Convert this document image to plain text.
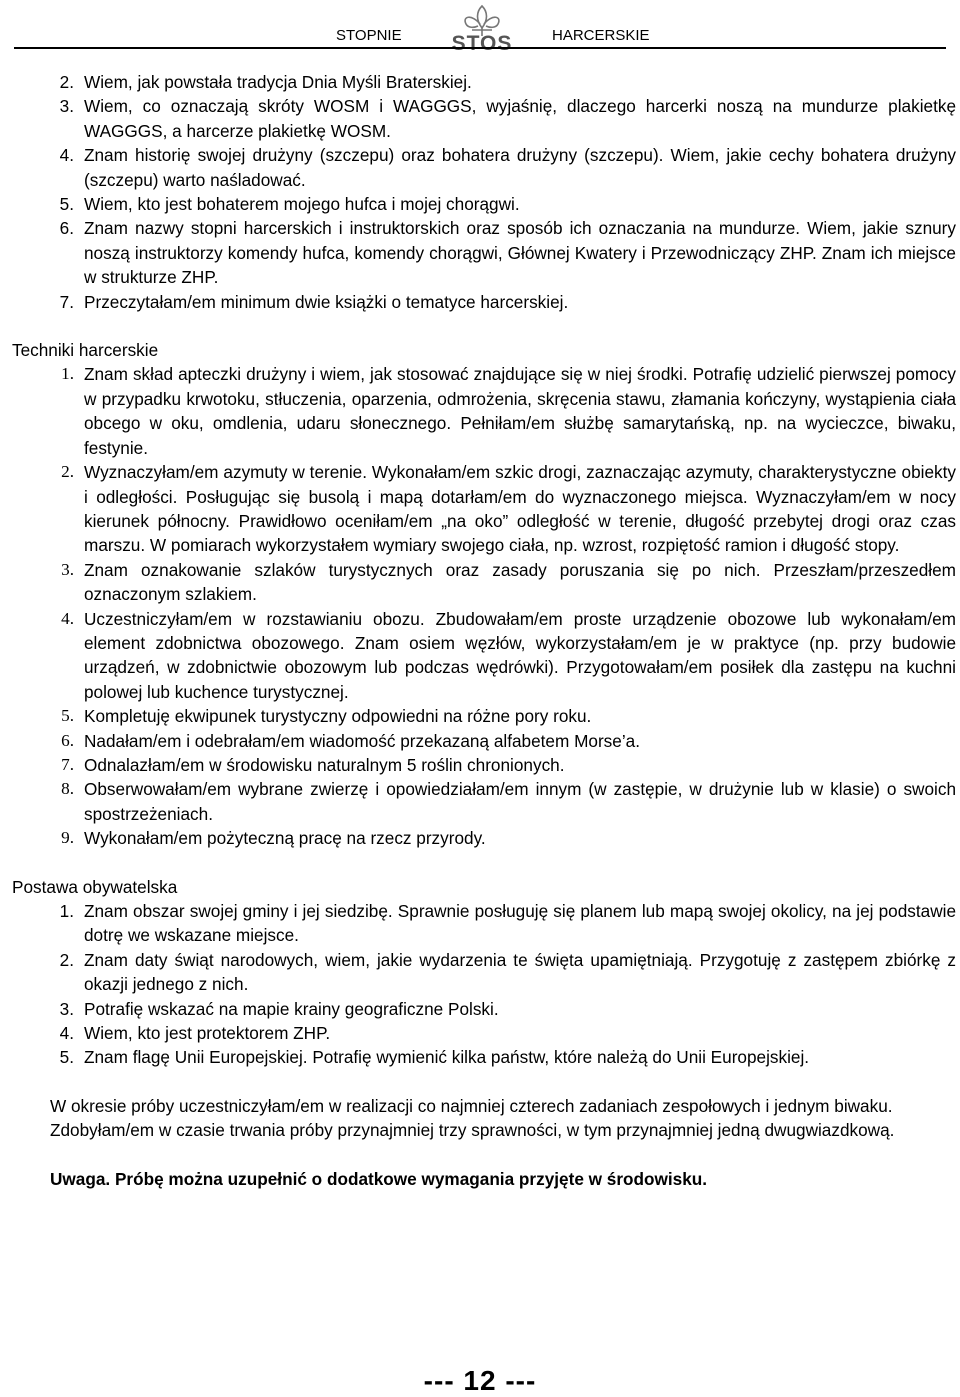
STOPNIE STOS	HARCERSKIE
2. Wiem, jak powstała tradycja Dnia Myśli Braterskiej.
3. Wiem, co oznaczają skróty WOSM i WAGGGS, wyjaśnię, dlaczego harcerki noszą na mundurze plakietkę WAGGGS, a harcerze plakietkę WOSM.
4. Znam historię swojej drużyny (szczepu) oraz bohatera drużyny (szczepu). Wiem, jakie cechy bohatera drużyny (szczepu) warto naśladować.
5. Wiem, kto jest bohaterem mojego hufca i mojej chorągwi.
6. Znam nazwy stopni harcerskich i instruktorskich oraz sposób ich oznaczania na mundurze. Wiem, jakie sznury noszą instruktorzy komendy hufca, komendy chorągwi, Głównej Kwatery i Przewodniczący ZHP. Znam ich miejsce w strukturze ZHP.
7. Przeczytałam/em minimum dwie książki o tematyce harcerskiej.
Techniki harcerskie
1. Znam skład apteczki drużyny i wiem, jak stosować znajdujące się w niej środki. Potrafię udzielić pierwszej pomocy w przypadku krwotoku, stłuczenia, oparzenia, odmrożenia, skręcenia stawu, złamania kończyny, wystąpienia ciała obcego w oku, omdlenia, udaru słonecznego. Pełniłam/em służbę samarytańską, np. na wycieczce, biwaku, festynie.
2. Wyznaczyłam/em azymuty w terenie. Wykonałam/em szkic drogi, zaznaczając azymuty, charakterystyczne obiekty i odległości. Posługując się busolą i mapą dotarłam/em do wyznaczonego miejsca. Wyznaczyłam/em w nocy kierunek północny. Prawidłowo oceniłam/em „na oko” odległość w terenie, długość przebytej drogi oraz czas marszu. W pomiarach wykorzystałem wymiary swojego ciała, np. wzrost, rozpiętość ramion i długość stopy.
3. Znam oznakowanie szlaków turystycznych oraz zasady poruszania się po nich. Przeszłam/przeszedłem oznaczonym szlakiem.
4. Uczestniczyłam/em w rozstawianiu obozu. Zbudowałam/em proste urządzenie obozowe lub wykonałam/em element zdobnictwa obozowego. Znam osiem węzłów, wykorzystałam/em je w praktyce (np. przy budowie urządzeń, w zdobnictwie obozowym lub podczas wędrówki). Przygotowałam/em posiłek dla zastępu na kuchni polowej lub kuchence turystycznej.
5. Kompletuję ekwipunek turystyczny odpowiedni na różne pory roku.
6. Nadałam/em i odebrałam/em wiadomość przekazaną alfabetem Morse’a.
7. Odnalazłam/em w środowisku naturalnym 5 roślin chronionych.
8. Obserwowałam/em wybrane zwierzę i opowiedziałam/em innym (w zastępie, w drużynie lub w klasie) o swoich spostrzeżeniach.
9. Wykonałam/em pożyteczną pracę na rzecz przyrody.
Postawa obywatelska
1. Znam obszar swojej gminy i jej siedzibę. Sprawnie posługuję się planem lub mapą swojej okolicy, na jej podstawie dotrę we wskazane miejsce.
2. Znam daty świąt narodowych, wiem, jakie wydarzenia te święta upamiętniają. Przygotuję z zastępem zbiórkę z okazji jednego z nich.
3. Potrafię wskazać na mapie krainy geograficzne Polski.
4. Wiem, kto jest protektorem ZHP.
5. Znam flagę Unii Europejskiej. Potrafię wymienić kilka państw, które należą do Unii Europejskiej.
W okresie próby uczestniczyłam/em w realizacji co najmniej czterech zadaniach zespołowych i jednym biwaku.
Zdobyłam/em w czasie trwania próby przynajmniej trzy sprawności, w tym przynajmniej jedną dwugwiazdkową.
Uwaga. Próbę można uzupełnić o dodatkowe wymagania przyjęte w środowisku.
--- 12 ---
